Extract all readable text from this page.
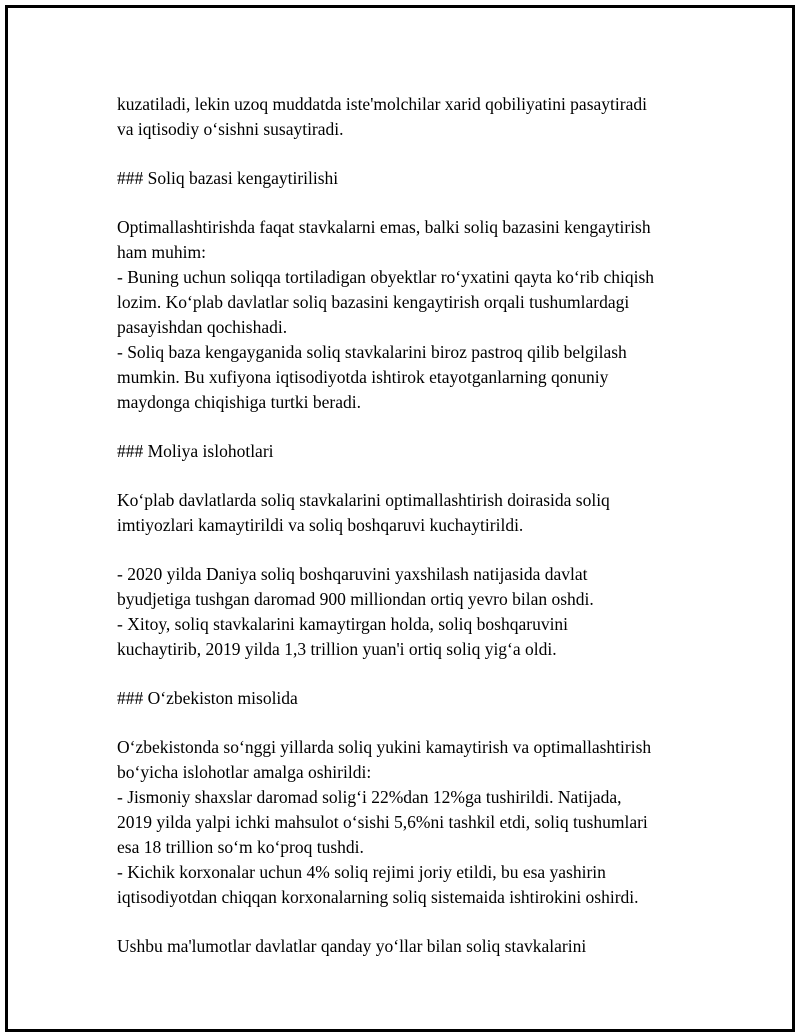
kuzatiladi, lekin uzoq muddatda iste'molchilar xarid qobiliyatini pasaytiradi
va iqtisodiy o‘sishni susaytiradi.

### Soliq bazasi kengaytirilishi

Optimallashtirishda faqat stavkalarni emas, balki soliq bazasini kengaytirish
ham muhim:
- Buning uchun soliqqa tortiladigan obyektlar ro‘yxatini qayta ko‘rib chiqish
lozim. Ko‘plab davlatlar soliq bazasini kengaytirish orqali tushumlardagi
pasayishdan qochishadi.
- Soliq baza kengayganida soliq stavkalarini biroz pastroq qilib belgilash
mumkin. Bu xufiyona iqtisodiyotda ishtirok etayotganlarning qonuniy
maydonga chiqishiga turtki beradi.

### Moliya islohotlari

Ko‘plab davlatlarda soliq stavkalarini optimallashtirish doirasida soliq
imtiyozlari kamaytirildi va soliq boshqaruvi kuchaytirildi.

- 2020 yilda Daniya soliq boshqaruvini yaxshilash natijasida davlat
byudjetiga tushgan daromad 900 milliondan ortiq yevro bilan oshdi.
- Xitoy, soliq stavkalarini kamaytirgan holda, soliq boshqaruvini
kuchaytirib, 2019 yilda 1,3 trillion yuan'i ortiq soliq yig‘a oldi.

### O‘zbekiston misolida

O‘zbekistonda so‘nggi yillarda soliq yukini kamaytirish va optimallashtirish
bo‘yicha islohotlar amalga oshirildi:
- Jismoniy shaxslar daromad solig‘i 22%dan 12%ga tushirildi. Natijada,
2019 yilda yalpi ichki mahsulot o‘sishi 5,6%ni tashkil etdi, soliq tushumlari
esa 18 trillion so‘m ko‘proq tushdi.
- Kichik korxonalar uchun 4% soliq rejimi joriy etildi, bu esa yashirin
iqtisodiyotdan chiqqan korxonalarning soliq sistemaida ishtirokini oshirdi.

Ushbu ma'lumotlar davlatlar qanday yo‘llar bilan soliq stavkalarini
